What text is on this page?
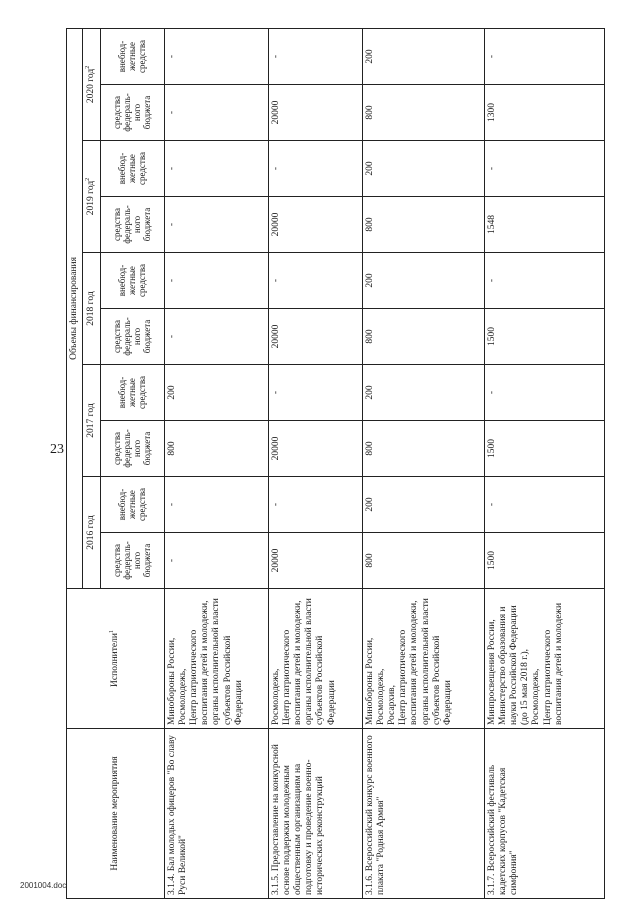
23
2001004.doc
Наименование мероприятия	Исполнители$^1$	Объемы финансирования									
		2016 год		2017 год		2018 год		2019 год$^2$		2020 год$^2$
		средства федераль- ного бюджета	внебюд- жетные средства	средства федераль- ного бюджета	внебюд- жетные средства	средства федераль- ного бюджета	внебюд- жетные средства	средства федераль- ного бюджета	внебюд- жетные средства	средства федераль- ного бюджета	внебюд- жетные средства
3.1.4. Бал молодых офицеров "Во славу Руси Великой"	Минобороны России,
Росмолодежь,
Центр патриотического воспитания детей и молодежи,
органы исполнительной власти субъектов Российской Федерации	-	-	800	200	-	-	-	-	-	-
3.1.5. Предоставление на конкурсной основе поддержки молодежным общественным организациям на подготовку и проведение военно-исторических реконструкций	Росмолодежь,
Центр патриотического воспитания детей и молодежи,
органы исполнительной власти субъектов Российской Федерации	20000	-	20000	-	20000	-	20000	-	20000	-
3.1.6. Всероссийский конкурс военного плаката "Родная Армия"	Минобороны России,
Росмолодежь,
Росархив,
Центр патриотического воспитания детей и молодежи,
органы исполнительной власти субъектов Российской Федерации	800	200	800	200	800	200	800	200	800	200
3.1.7. Всероссийский фестиваль кадетских корпусов "Кадетская симфония"	Минпросвещения России,
Министерство образования и науки Российской Федерации (до 15 мая 2018 г.),
Росмолодежь,
Центр патриотического воспитания детей и молодежи	1500	-	1500	-	1500	-	1548	-	1300	-
